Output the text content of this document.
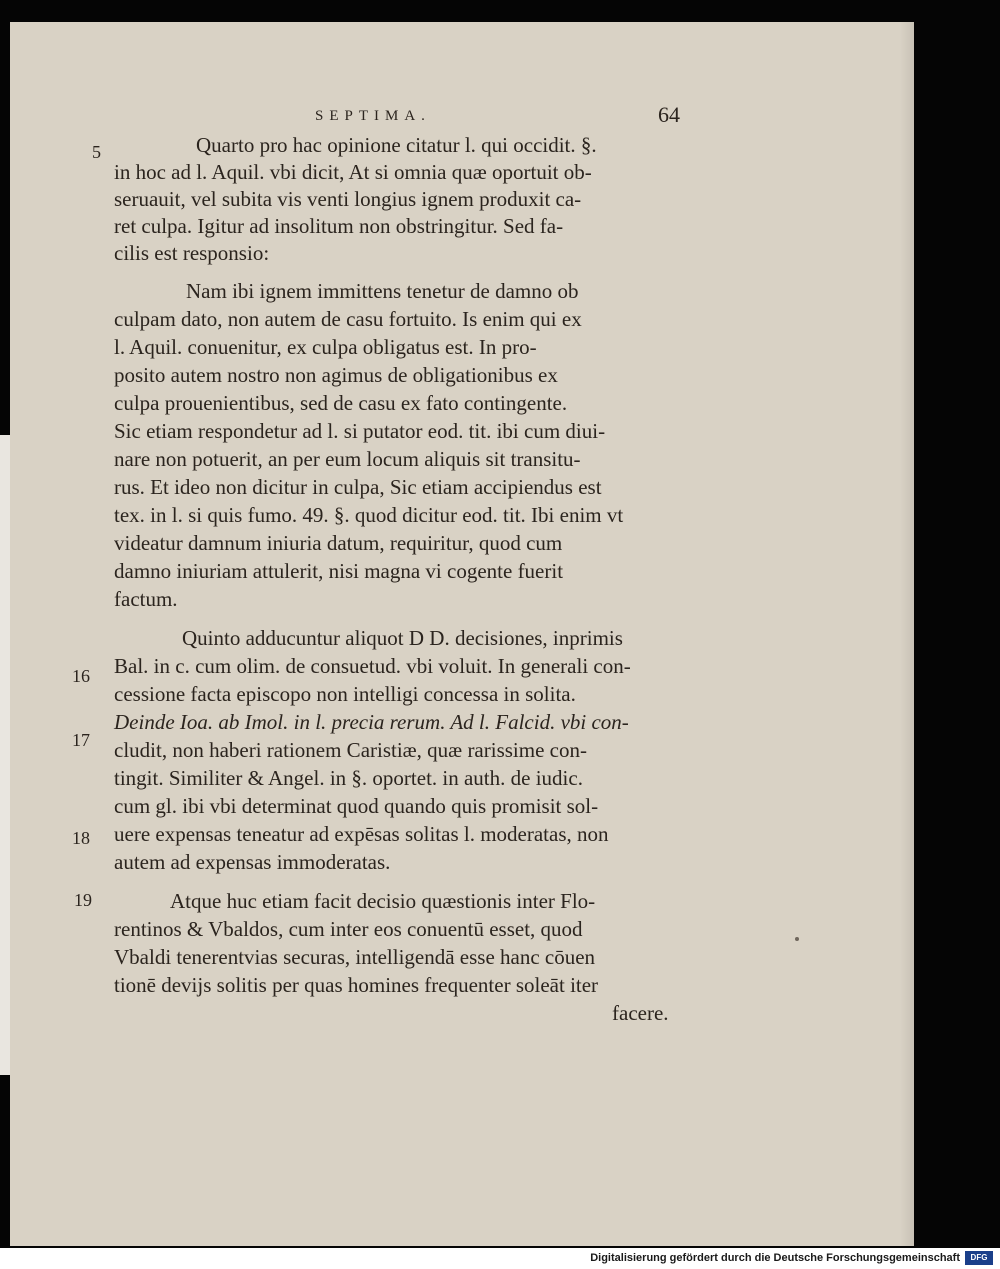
SEPTIMA.	64
5
16
17
18
19
Quarto pro hac opinione citatur l. qui occidit. §.
in hoc ad l. Aquil. vbi dicit, At si omnia quæ oportuit ob-
seruauit, vel subita vis venti longius ignem produxit ca-
ret culpa. Igitur ad insolitum non obstringitur. Sed fa-
cilis est responsio:
Nam ibi ignem immittens tenetur de damno ob
culpam dato, non autem de casu fortuito. Is enim qui ex
l. Aquil. conuenitur, ex culpa obligatus est. In pro-
posito autem nostro non agimus de obligationibus ex
culpa prouenientibus, sed de casu ex fato contingente.
Sic etiam respondetur ad l. si putator eod. tit. ibi cum diui-
nare non potuerit, an per eum locum aliquis sit transitu-
rus. Et ideo non dicitur in culpa, Sic etiam accipiendus est
tex. in l. si quis fumo. 49. §. quod dicitur eod. tit. Ibi enim vt
videatur damnum iniuria datum, requiritur, quod cum
damno iniuriam attulerit, nisi magna vi cogente fuerit
factum.
Quinto adducuntur aliquot D D. decisiones, inprimis
Bal. in c. cum olim. de consuetud. vbi voluit. In generali con-
cessione facta episcopo non intelligi concessa in solita.
Deinde Ioa. ab Imol. in l. precia rerum. Ad l. Falcid. vbi con-
cludit, non haberi rationem Caristiæ, quæ rarissime con-
tingit. Similiter & Angel. in §. oportet. in auth. de iudic.
cum gl. ibi vbi determinat quod quando quis promisit sol-
uere expensas teneatur ad expēsas solitas l. moderatas, non
autem ad expensas immoderatas.
Atque huc etiam facit decisio quæstionis inter Flo-
rentinos & Vbaldos, cum inter eos conuentū esset, quod
Vbaldi tenerentvias securas, intelligendā esse hanc cōuen
tionē devijs solitis per quas homines frequenter soleāt iter
facere.
Digitalisierung gefördert durch die Deutsche Forschungsgemeinschaft	DFG
